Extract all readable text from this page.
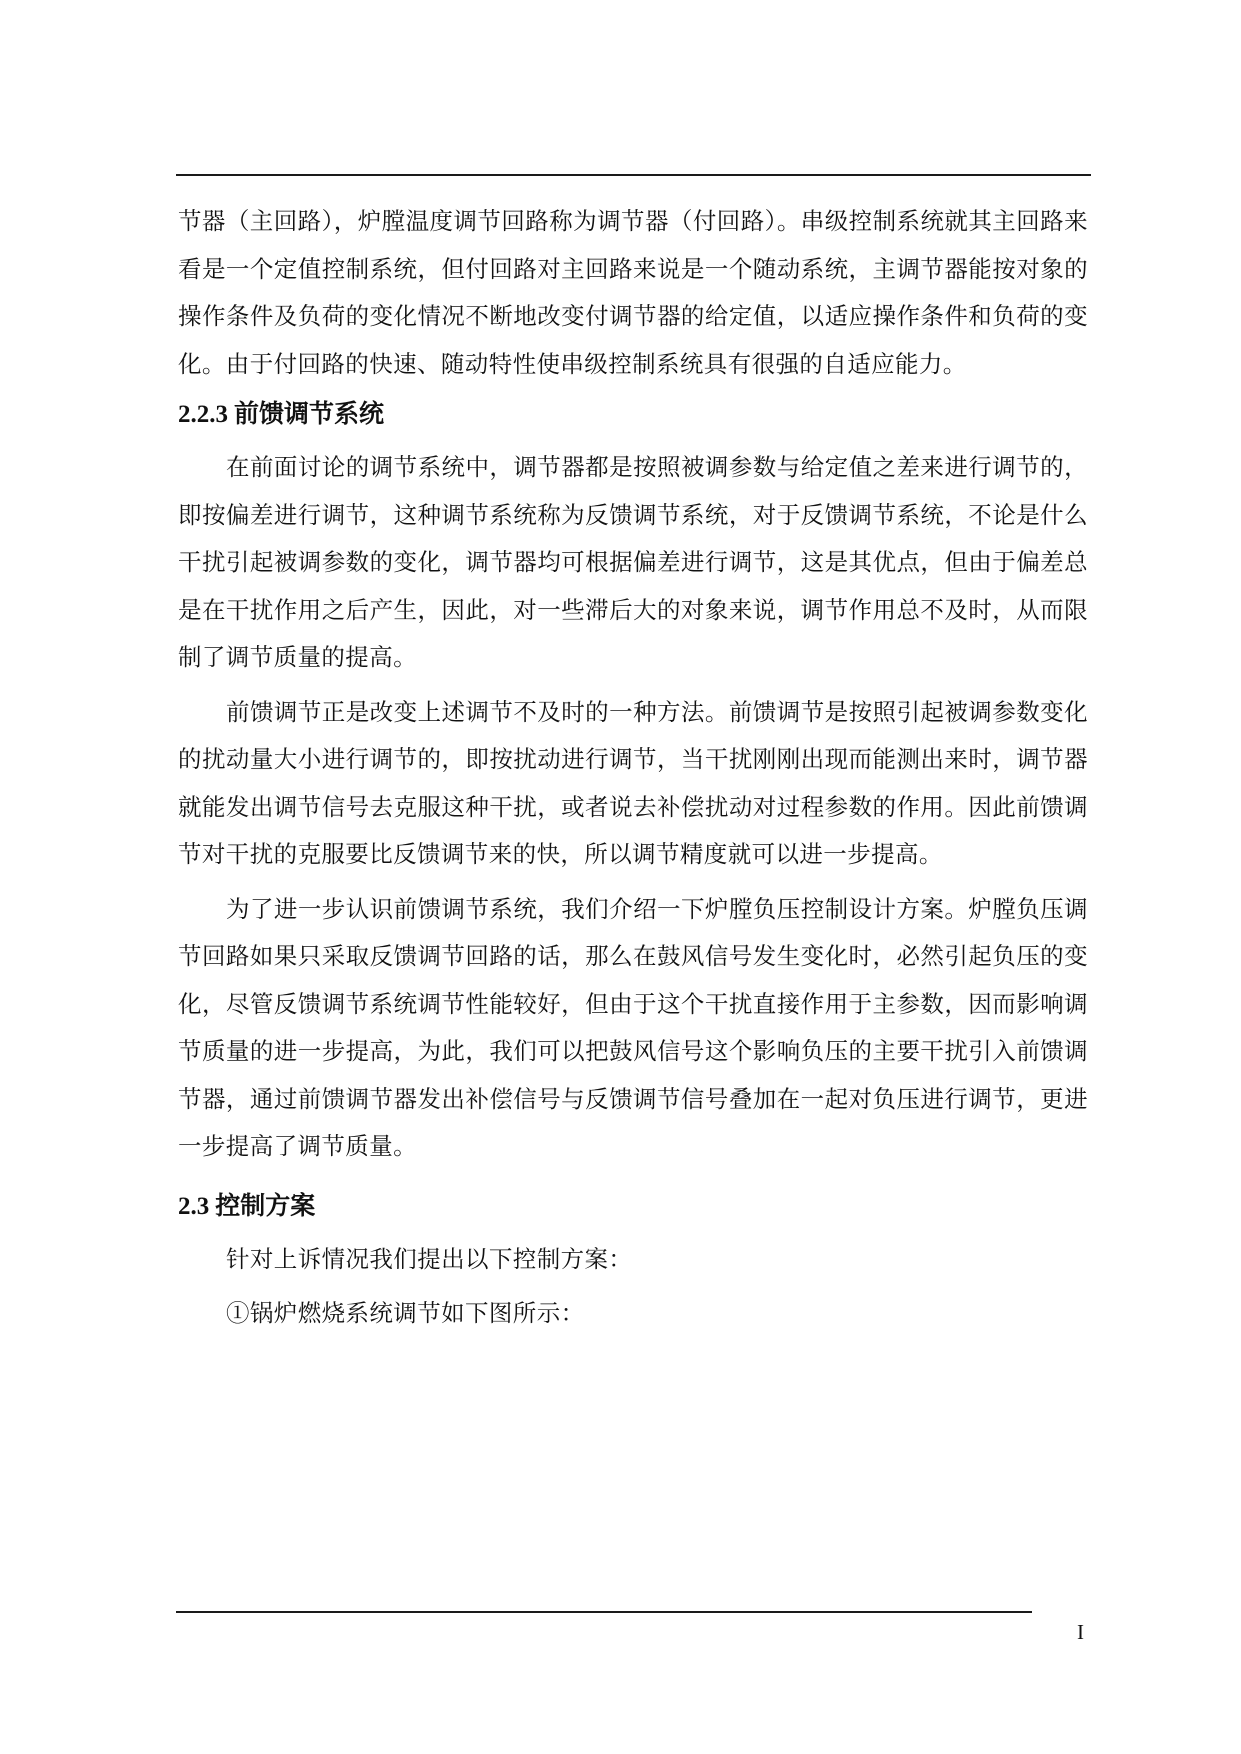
节器（主回路），炉膛温度调节回路称为调节器（付回路）。串级控制系统就其主回路来看是一个定值控制系统，但付回路对主回路来说是一个随动系统，主调节器能按对象的操作条件及负荷的变化情况不断地改变付调节器的给定值，以适应操作条件和负荷的变化。由于付回路的快速、随动特性使串级控制系统具有很强的自适应能力。

2.2.3 前馈调节系统

在前面讨论的调节系统中，调节器都是按照被调参数与给定值之差来进行调节的，即按偏差进行调节，这种调节系统称为反馈调节系统，对于反馈调节系统，不论是什么干扰引起被调参数的变化，调节器均可根据偏差进行调节，这是其优点，但由于偏差总是在干扰作用之后产生，因此，对一些滞后大的对象来说，调节作用总不及时，从而限制了调节质量的提高。

前馈调节正是改变上述调节不及时的一种方法。前馈调节是按照引起被调参数变化的扰动量大小进行调节的，即按扰动进行调节，当干扰刚刚出现而能测出来时，调节器就能发出调节信号去克服这种干扰，或者说去补偿扰动对过程参数的作用。因此前馈调节对干扰的克服要比反馈调节来的快，所以调节精度就可以进一步提高。

为了进一步认识前馈调节系统，我们介绍一下炉膛负压控制设计方案。炉膛负压调节回路如果只采取反馈调节回路的话，那么在鼓风信号发生变化时，必然引起负压的变化，尽管反馈调节系统调节性能较好，但由于这个干扰直接作用于主参数，因而影响调节质量的进一步提高，为此，我们可以把鼓风信号这个影响负压的主要干扰引入前馈调节器，通过前馈调节器发出补偿信号与反馈调节信号叠加在一起对负压进行调节，更进一步提高了调节质量。

2.3 控制方案

针对上诉情况我们提出以下控制方案：

①锅炉燃烧系统调节如下图所示：

I
